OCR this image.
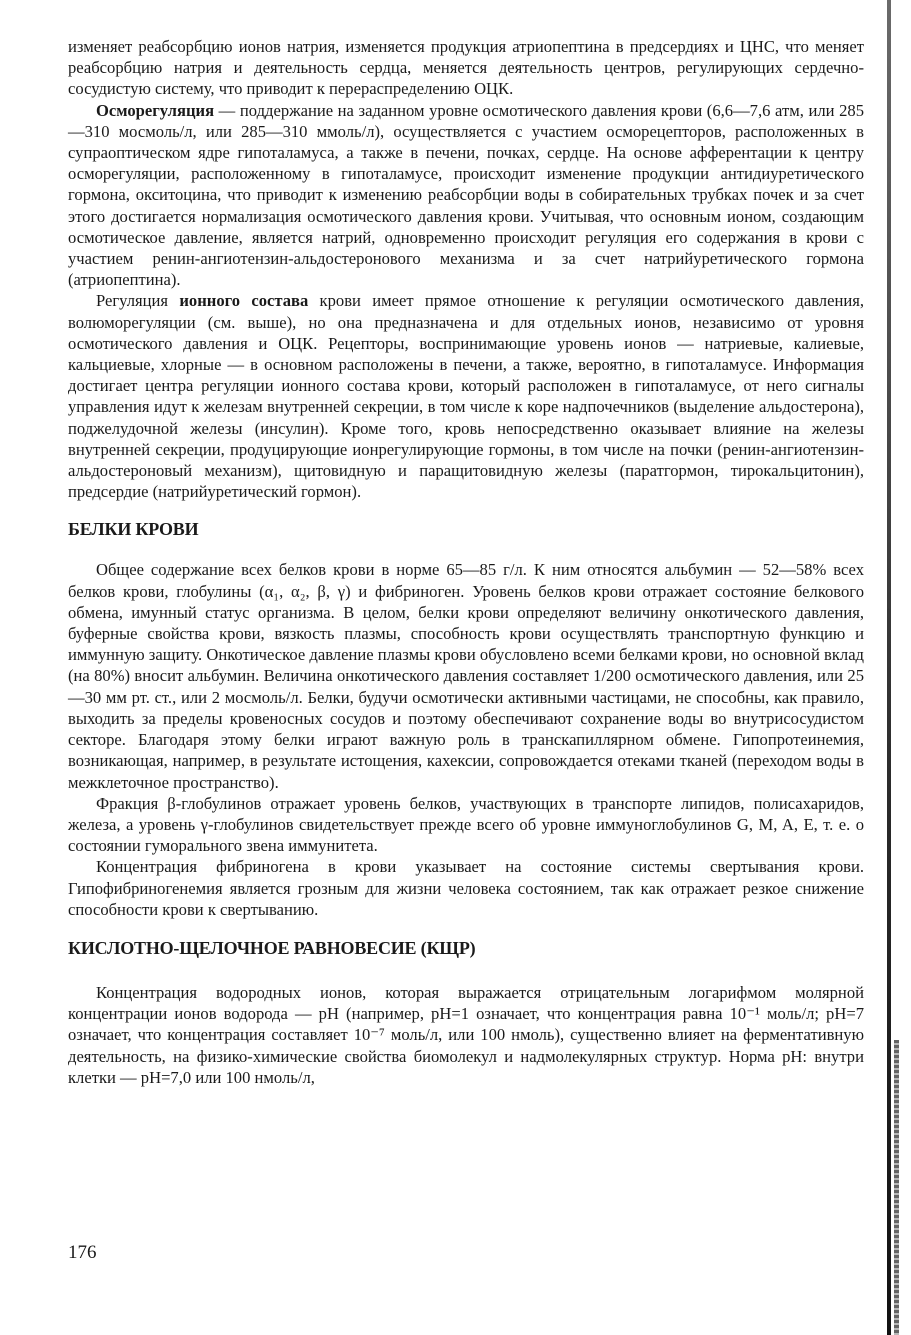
изменяет реабсорбцию ионов натрия, изменяется продукция атриопептина в предсердиях и ЦНС, что меняет реабсорбцию натрия и деятельность сердца, меняется деятельность центров, регулирующих сердечно-сосудистую систему, что приводит к перераспределению ОЦК.

Осморегуляция — поддержание на заданном уровне осмотического давления крови (6,6—7,6 атм, или 285—310 мосмоль/л, или 285—310 ммоль/л), осуществляется с участием осморецепторов, расположенных в супраоптическом ядре гипоталамуса, а также в печени, почках, сердце. На основе афферентации к центру осморегуляции, расположенному в гипоталамусе, происходит изменение продукции антидиуретического гормона, окситоцина, что приводит к изменению реабсорбции воды в собирательных трубках почек и за счет этого достигается нормализация осмотического давления крови. Учитывая, что основным ионом, создающим осмотическое давление, является натрий, одновременно происходит регуляция его содержания в крови с участием ренин-ангиотензин-альдостеронового механизма и за счет натрийуретического гормона (атриопептина).

Регуляция ионного состава крови имеет прямое отношение к регуляции осмотического давления, волюморегуляции (см. выше), но она предназначена и для отдельных ионов, независимо от уровня осмотического давления и ОЦК. Рецепторы, воспринимающие уровень ионов — натриевые, калиевые, кальциевые, хлорные — в основном расположены в печени, а также, вероятно, в гипоталамусе. Информация достигает центра регуляции ионного состава крови, который расположен в гипоталамусе, от него сигналы управления идут к железам внутренней секреции, в том числе к коре надпочечников (выделение альдостерона), поджелудочной железы (инсулин). Кроме того, кровь непосредственно оказывает влияние на железы внутренней секреции, продуцирующие ионрегулирующие гормоны, в том числе на почки (ренин-ангиотензин-альдостероновый механизм), щитовидную и паращитовидную железы (паратгормон, тирокальцитонин), предсердие (натрийуретический гормон).

БЕЛКИ КРОВИ

Общее содержание всех белков крови в норме 65—85 г/л. К ним относятся альбумин — 52—58% всех белков крови, глобулины (α₁, α₂, β, γ) и фибриноген. Уровень белков крови отражает состояние белкового обмена, имунный статус организма. В целом, белки крови определяют величину онкотического давления, буферные свойства крови, вязкость плазмы, способность крови осуществлять транспортную функцию и иммунную защиту. Онкотическое давление плазмы крови обусловлено всеми белками крови, но основной вклад (на 80%) вносит альбумин. Величина онкотического давления составляет 1/200 осмотического давления, или 25—30 мм рт. ст., или 2 мосмоль/л. Белки, будучи осмотически активными частицами, не способны, как правило, выходить за пределы кровеносных сосудов и поэтому обеспечивают сохранение воды во внутрисосудистом секторе. Благодаря этому белки играют важную роль в транскапиллярном обмене. Гипопротеинемия, возникающая, например, в результате истощения, кахексии, сопровождается отеками тканей (переходом воды в межклеточное пространство).

Фракция β-глобулинов отражает уровень белков, участвующих в транспорте липидов, полисахаридов, железа, а уровень γ-глобулинов свидетельствует прежде всего об уровне иммуноглобулинов G, M, A, E, т. е. о состоянии гуморального звена иммунитета.

Концентрация фибриногена в крови указывает на состояние системы свертывания крови. Гипофибриногенемия является грозным для жизни человека состоянием, так как отражает резкое снижение способности крови к свертыванию.

КИСЛОТНО-ЩЕЛОЧНОЕ РАВНОВЕСИЕ (КЩР)

Концентрация водородных ионов, которая выражается отрицательным логарифмом молярной концентрации ионов водорода — pH (например, pH=1 означает, что концентрация равна 10⁻¹ моль/л; pH=7 означает, что концентрация составляет 10⁻⁷ моль/л, или 100 нмоль), существенно влияет на ферментативную деятельность, на физико-химические свойства биомолекул и надмолекулярных структур. Норма pH: внутри клетки — pH=7,0 или 100 нмоль/л,

176
